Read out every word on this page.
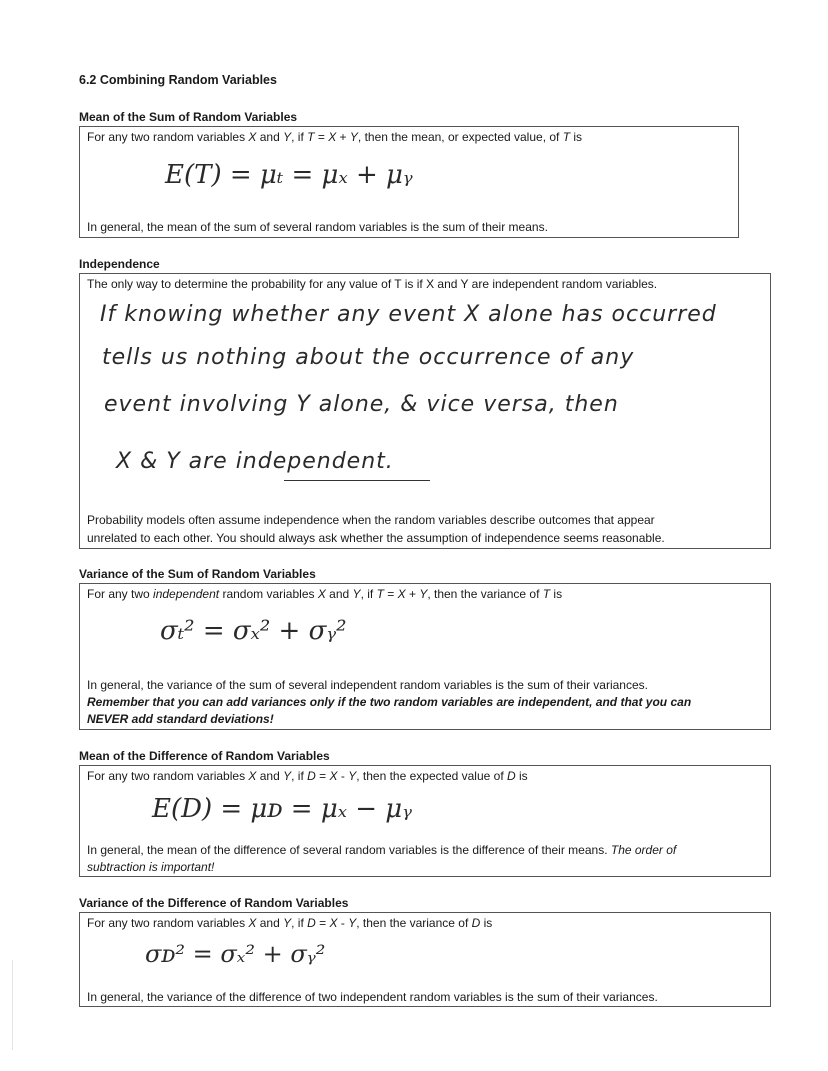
6.2 Combining Random Variables
Mean of the Sum of Random Variables
For any two random variables X and Y, if T = X + Y, then the mean, or expected value, of T is
E(T) = μₜ = μₓ + μᵧ
In general, the mean of the sum of several random variables is the sum of their means.
Independence
The only way to determine the probability for any value of T is if X and Y are independent random variables.
If knowing whether any event X alone has occurred
tells us nothing about the occurrence of any
event involving Y alone, & vice versa, then
X & Y are independent.
Probability models often assume independence when the random variables describe outcomes that appear
unrelated to each other. You should always ask whether the assumption of independence seems reasonable.
Variance of the Sum of Random Variables
For any two independent random variables X and Y, if T = X + Y, then the variance of T is
σₜ² = σₓ² + σᵧ²
In general, the variance of the sum of several independent random variables is the sum of their variances.
Remember that you can add variances only if the two random variables are independent, and that you can
NEVER add standard deviations!
Mean of the Difference of Random Variables
For any two random variables X and Y, if D = X - Y, then the expected value of D is
E(D) = μᴅ = μₓ − μᵧ
In general, the mean of the difference of several random variables is the difference of their means. The order of
subtraction is important!
Variance of the Difference of Random Variables
For any two random variables X and Y, if D = X - Y, then the variance of D is
σᴅ² = σₓ² + σᵧ²
In general, the variance of the difference of two independent random variables is the sum of their variances.
